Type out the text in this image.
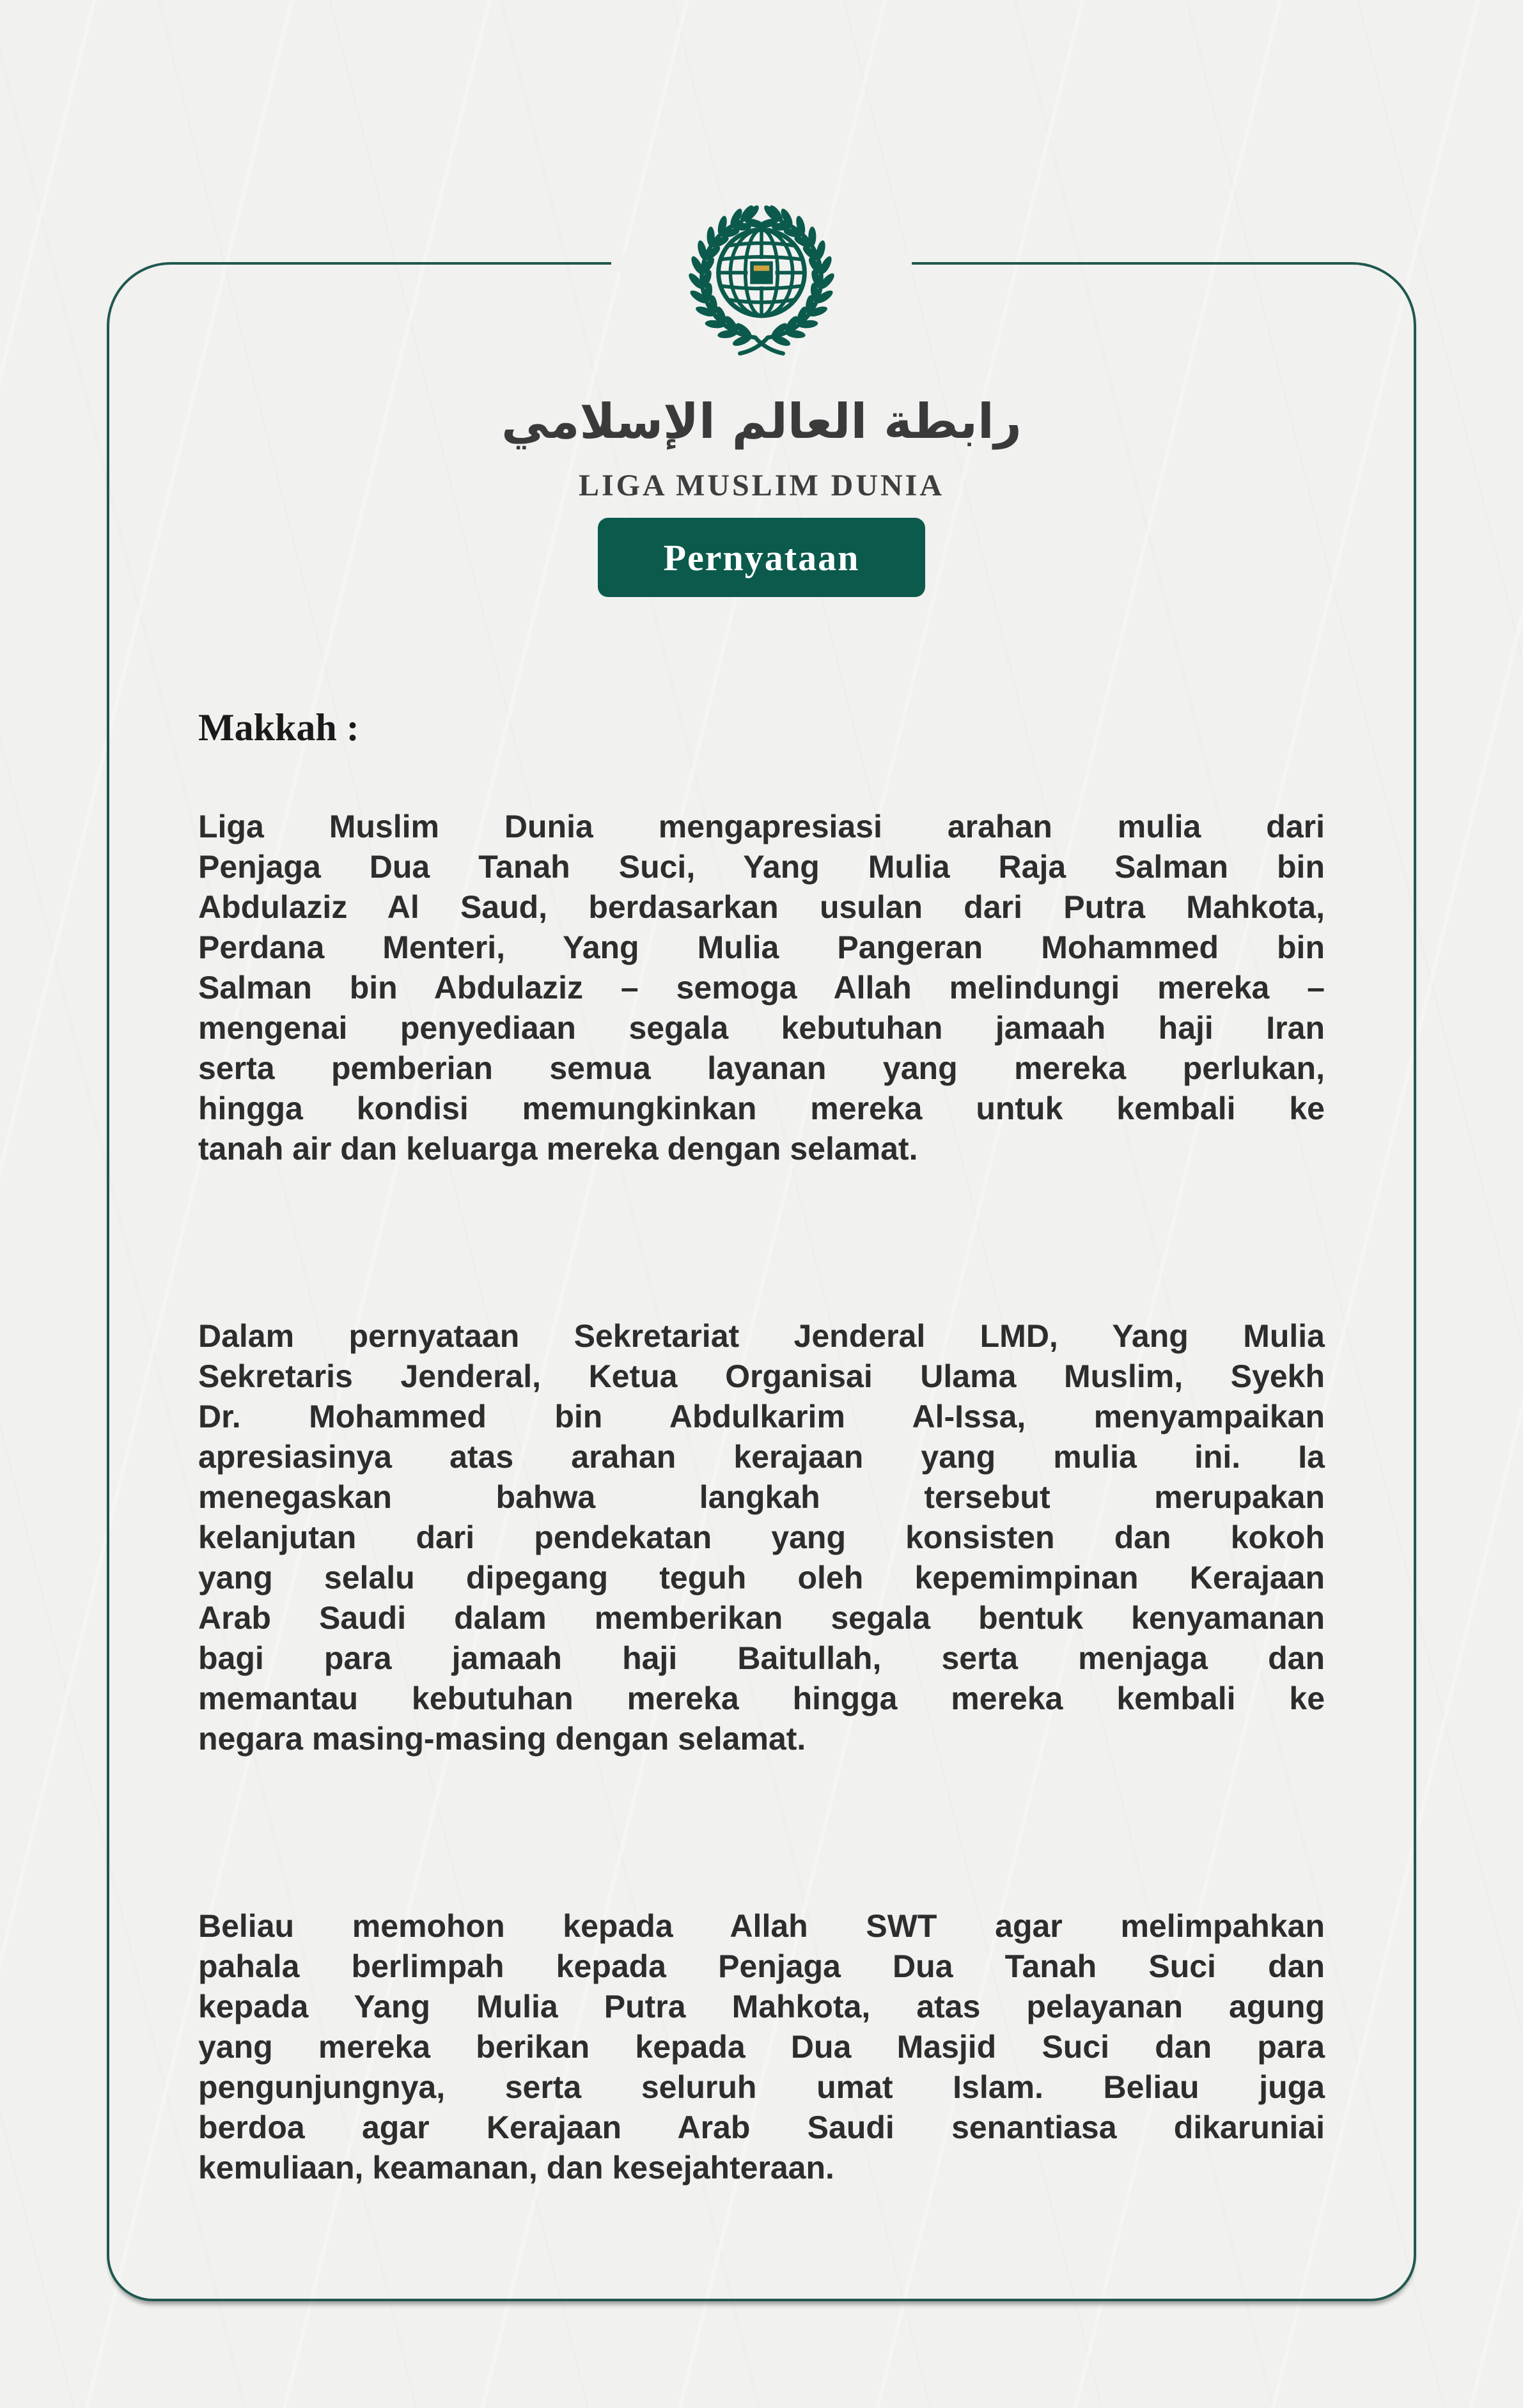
رابطة العالم الإسلامي
LIGA MUSLIM DUNIA
Pernyataan
Makkah :
Liga Muslim Dunia mengapresiasi arahan mulia dari
Penjaga Dua Tanah Suci, Yang Mulia Raja Salman bin
Abdulaziz Al Saud, berdasarkan usulan dari Putra Mahkota,
Perdana Menteri, Yang Mulia Pangeran Mohammed bin
Salman bin Abdulaziz – semoga Allah melindungi mereka –
mengenai penyediaan segala kebutuhan jamaah haji Iran
serta pemberian semua layanan yang mereka perlukan,
hingga kondisi memungkinkan mereka untuk kembali ke
tanah air dan keluarga mereka dengan selamat.
Dalam pernyataan Sekretariat Jenderal LMD, Yang Mulia
Sekretaris Jenderal, Ketua Organisai Ulama Muslim, Syekh
Dr. Mohammed bin Abdulkarim Al-Issa, menyampaikan
apresiasinya atas arahan kerajaan yang mulia ini. Ia
menegaskan bahwa langkah tersebut merupakan
kelanjutan dari pendekatan yang konsisten dan kokoh
yang selalu dipegang teguh oleh kepemimpinan Kerajaan
Arab Saudi dalam memberikan segala bentuk kenyamanan
bagi para jamaah haji Baitullah, serta menjaga dan
memantau kebutuhan mereka hingga mereka kembali ke
negara masing-masing dengan selamat.
Beliau memohon kepada Allah SWT agar melimpahkan
pahala berlimpah kepada Penjaga Dua Tanah Suci dan
kepada Yang Mulia Putra Mahkota, atas pelayanan agung
yang mereka berikan kepada Dua Masjid Suci dan para
pengunjungnya, serta seluruh umat Islam. Beliau juga
berdoa agar Kerajaan Arab Saudi senantiasa dikaruniai
kemuliaan, keamanan, dan kesejahteraan.
